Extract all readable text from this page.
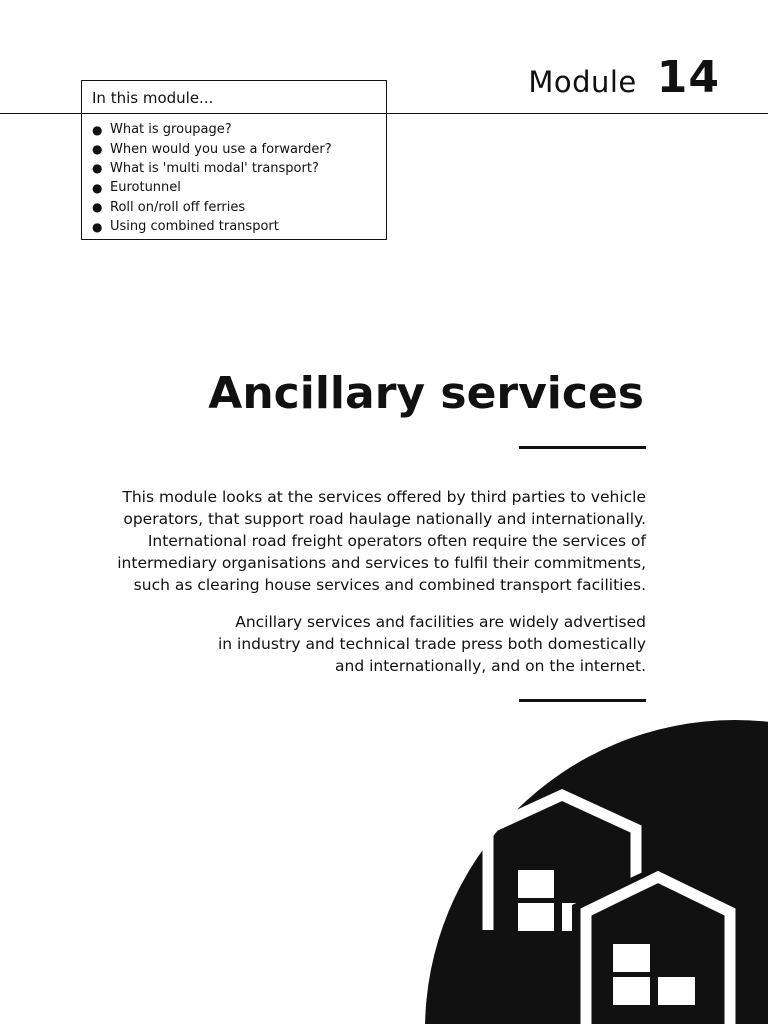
Module 14
In this module...
● What is groupage?
● When would you use a forwarder?
● What is 'multi modal' transport?
● Eurotunnel
● Roll on/roll off ferries
● Using combined transport
Ancillary services

This module looks at the services offered by third parties to vehicle
operators, that support road haulage nationally and internationally.
International road freight operators often require the services of
intermediary organisations and services to fulfil their commitments,
such as clearing house services and combined transport facilities.

Ancillary services and facilities are widely advertised
in industry and technical trade press both domestically
and internationally, and on the internet.
